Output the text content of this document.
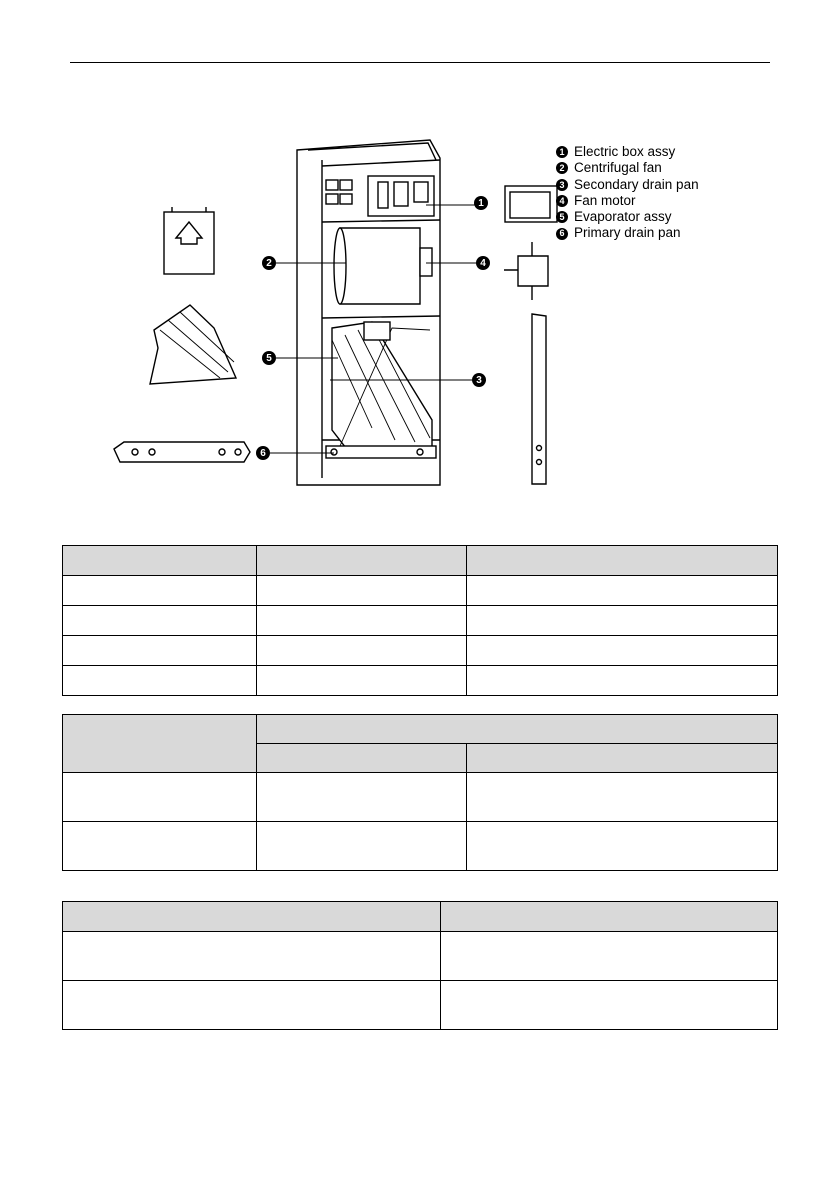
1
2	4
5
3
6
1 Electric box assy
2 Centrifugal fan
3 Secondary drain pan
4 Fan motor
5 Evaporator assy
6 Primary drain pan
